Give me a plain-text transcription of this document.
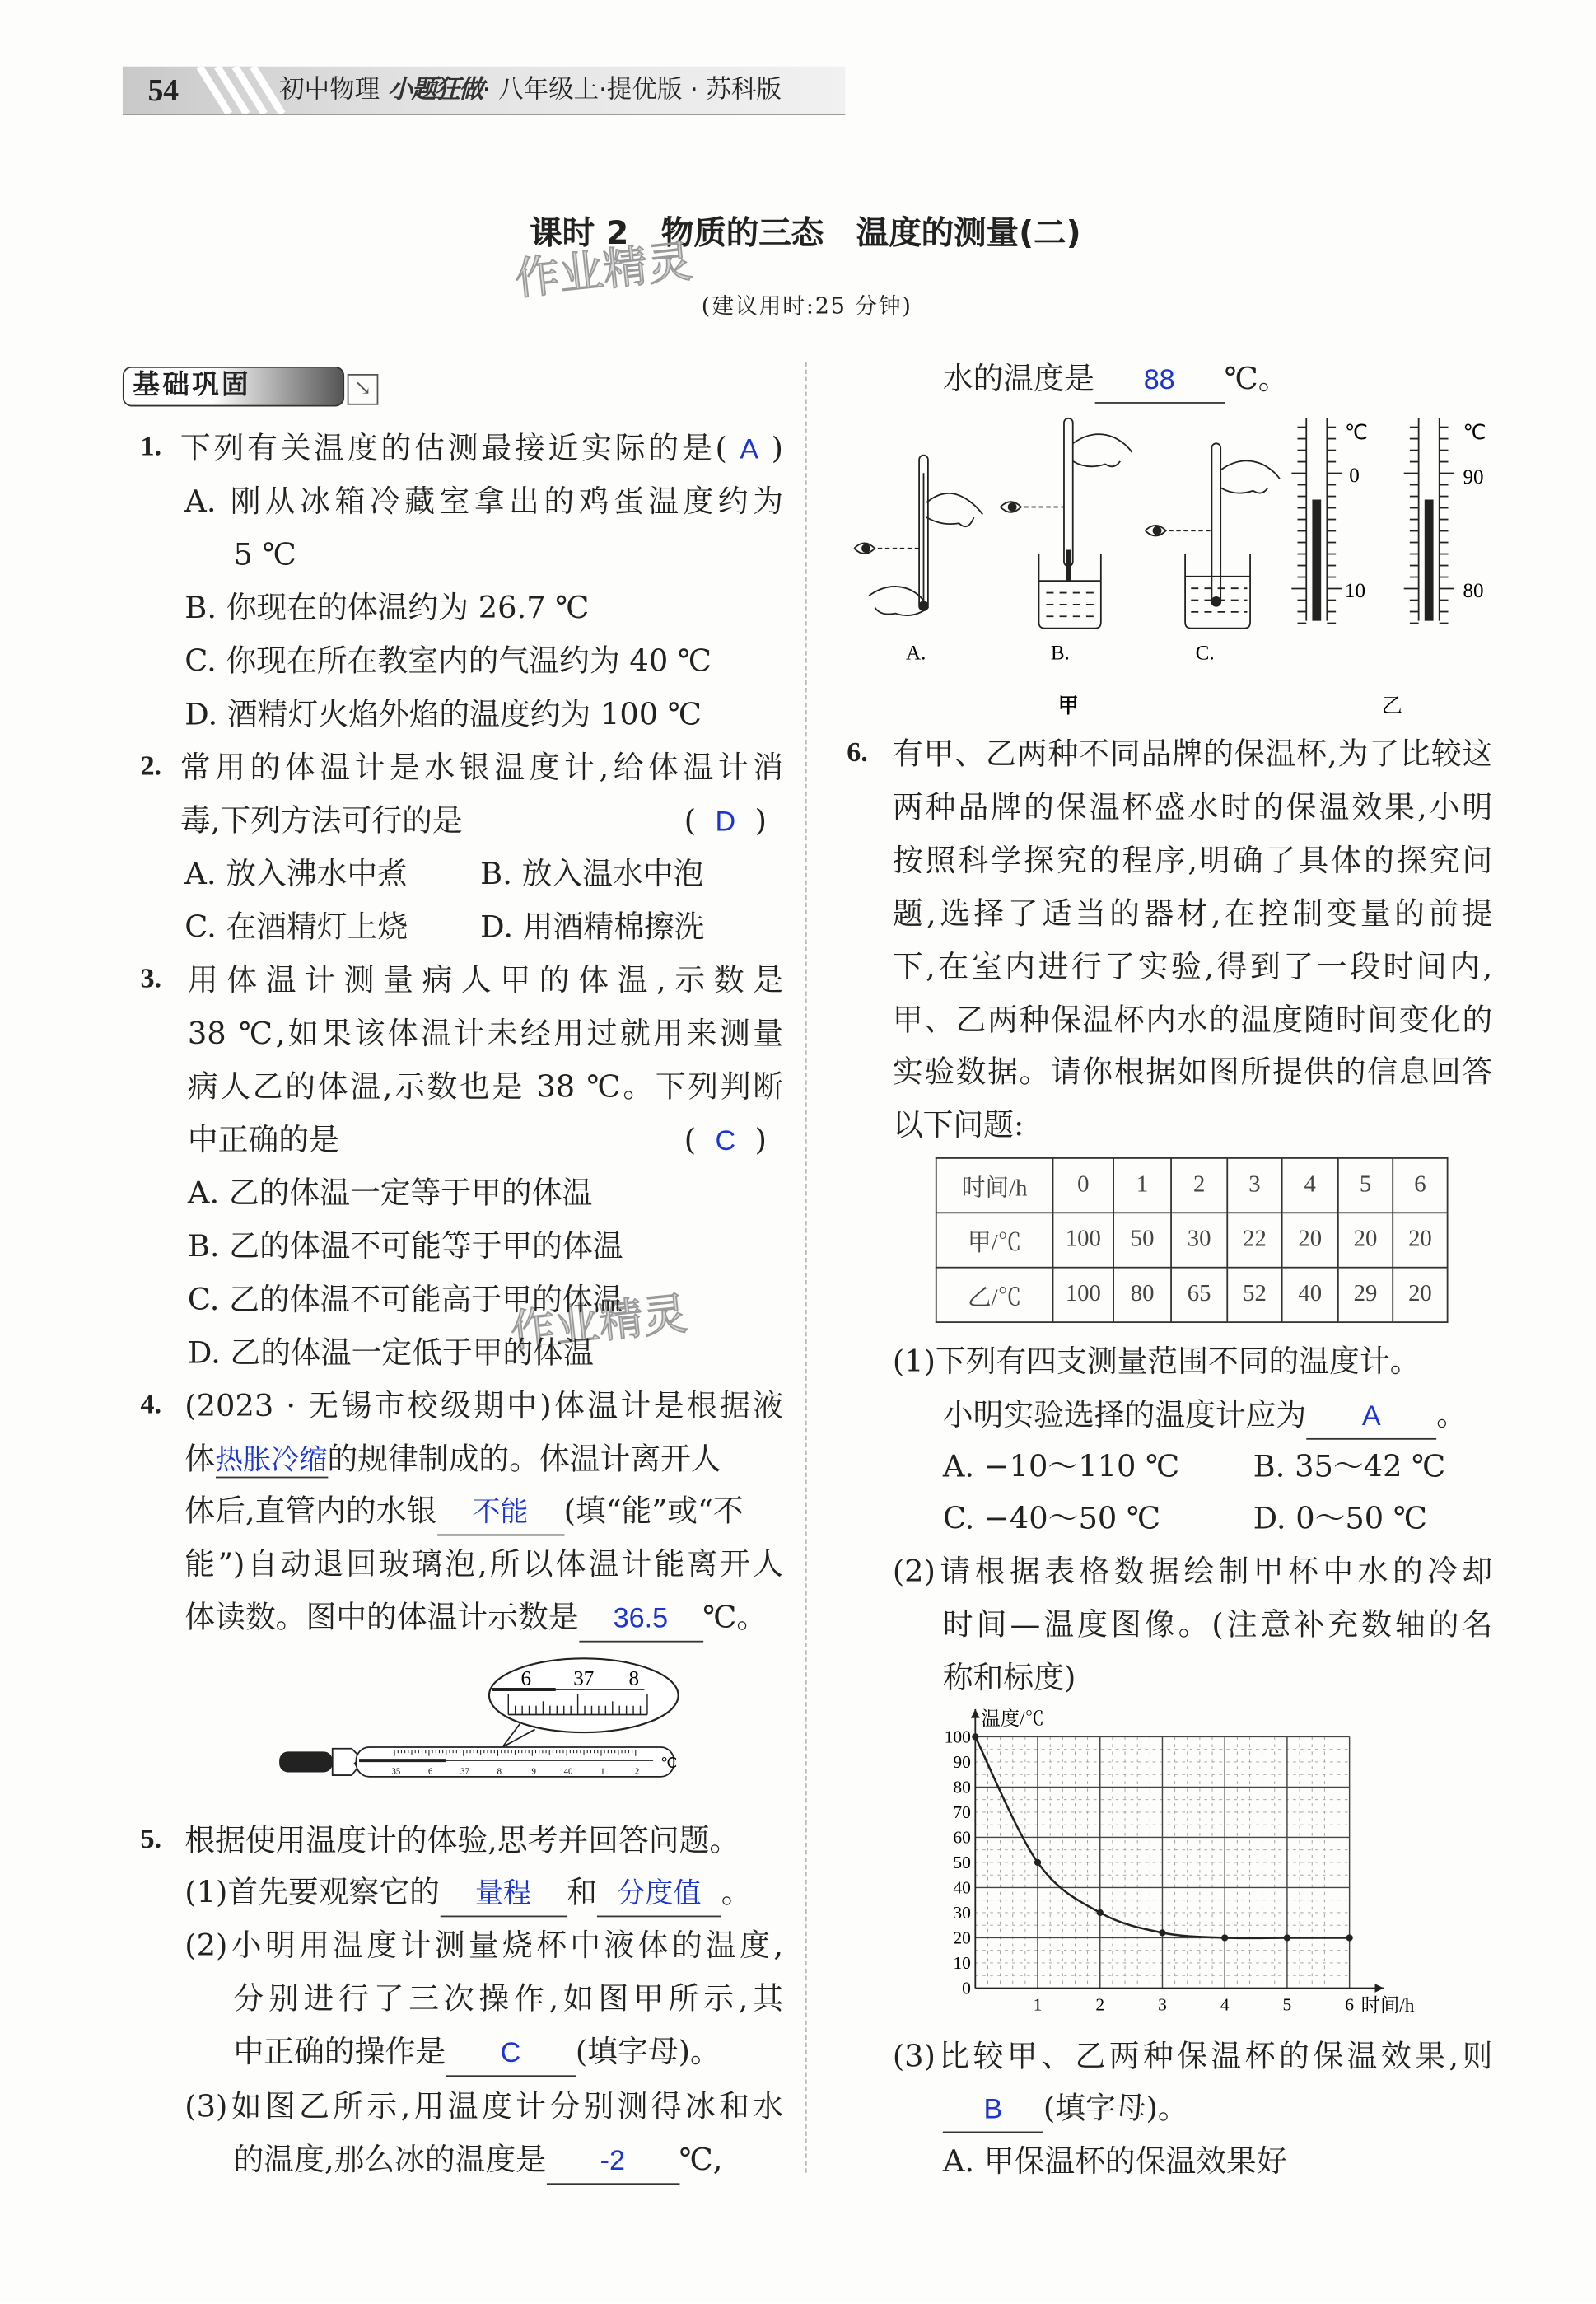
54	初中物理 小题狂做· 八年级上·提优版 · 苏科版
课时 2　物质的三态　温度的测量(二)
(建议用时:25 分钟)
作业精灵
作业精灵
基础巩固	↘
1. 下列有关温度的估测最接近实际的是( A )
A. 刚从冰箱冷藏室拿出的鸡蛋温度约为
5 ℃
B. 你现在的体温约为 26.7 ℃
C. 你现在所在教室内的气温约为 40 ℃
D. 酒精灯火焰外焰的温度约为 100 ℃
2. 常用的体温计是水银温度计,给体温计消
毒,下列方法可行的是	(  D  )
A. 放入沸水中煮	B. 放入温水中泡
C. 在酒精灯上烧	D. 用酒精棉擦洗
3. 用体温计测量病人甲的体温,示数是
38 ℃,如果该体温计未经用过就用来测量
病人乙的体温,示数也是 38 ℃。下列判断
中正确的是	(  C  )
A. 乙的体温一定等于甲的体温
B. 乙的体温不可能等于甲的体温
C. 乙的体温不可能高于甲的体温
D. 乙的体温一定低于甲的体温
4. (2023 · 无锡市校级期中)体温计是根据液
体热胀冷缩的规律制成的。体温计离开人
体后,直管内的水银 不能 (填“能”或“不
能”)自动退回玻璃泡,所以体温计能离开人
体读数。图中的体温计示数是 36.5 ℃。
6	37	8
35	6	37	8	9	40	1	2
℃
5. 根据使用温度计的体验,思考并回答问题。
(1)首先要观察它的 量程 和 分度值 。
(2)小明用温度计测量烧杯中液体的温度,
分别进行了三次操作,如图甲所示,其
中正确的操作是	C	(填字母)。
(3)如图乙所示,用温度计分别测得冰和水
的温度,那么冰的温度是	-2	℃,
水的温度是	88	℃。
℃
0
10
℃
90
80
A.	B.	C.
甲	乙
6. 有甲、乙两种不同品牌的保温杯,为了比较这
两种品牌的保温杯盛水时的保温效果,小明
按照科学探究的程序,明确了具体的探究问
题,选择了适当的器材,在控制变量的前提
下,在室内进行了实验,得到了一段时间内,
甲、乙两种保温杯内水的温度随时间变化的
实验数据。请你根据如图所提供的信息回答
以下问题:
时间/h	0	1	2	3	4	5	6
甲/℃	100	50	30	22	20	20	20
乙/℃	100	80	65	52	40	29	20
(1)下列有四支测量范围不同的温度计。
小明实验选择的温度计应为	A	。
A. −10～110 ℃	B. 35～42 ℃
C. −40～50 ℃	D. 0～50 ℃
(2)请根据表格数据绘制甲杯中水的冷却
时间—温度图像。(注意补充数轴的名
称和标度)
0
10
20
30
40
50
60
70
80
90
100
1	2	3	4	5	6
温度/℃
时间/h
(3)比较甲、乙两种保温杯的保温效果,则
B (填字母)。
A. 甲保温杯的保温效果好
